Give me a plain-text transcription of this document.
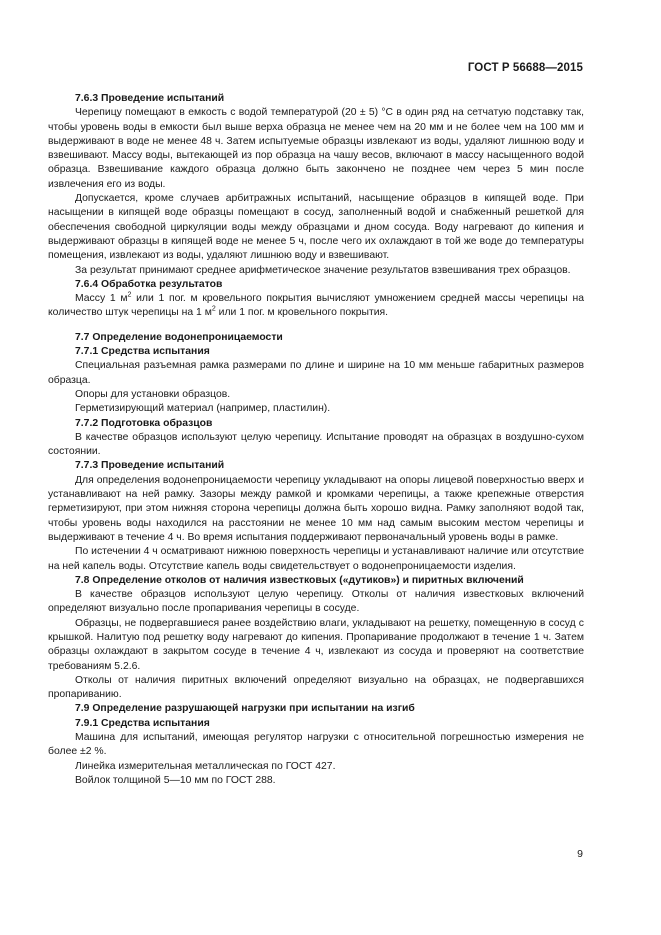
ГОСТ Р 56688—2015

7.6.3 Проведение испытаний

Черепицу помещают в емкость с водой температурой (20 ± 5) °С в один ряд на сетчатую подставку так, чтобы уровень воды в емкости был выше верха образца не менее чем на 20 мм и не более чем на 100 мм и выдерживают в воде не менее 48 ч. Затем испытуемые образцы извлекают из воды, удаляют лишнюю воду и взвешивают. Массу воды, вытекающей из пор образца на чашу весов, включают в массу насыщенного водой образца. Взвешивание каждого образца должно быть закончено не позднее чем через 5 мин после извлечения его из воды.

Допускается, кроме случаев арбитражных испытаний, насыщение образцов в кипящей воде. При насыщении в кипящей воде образцы помещают в сосуд, заполненный водой и снабженный решеткой для обеспечения свободной циркуляции воды между образцами и дном сосуда. Воду нагревают до кипения и выдерживают образцы в кипящей воде не менее 5 ч, после чего их охлаждают в той же воде до температуры помещения, извлекают из воды, удаляют лишнюю воду и взвешивают.

За результат принимают среднее арифметическое значение результатов взвешивания трех образцов.

7.6.4 Обработка результатов

Массу 1 $м^2$ или 1 пог. м кровельного покрытия вычисляют умножением средней массы черепицы на количество штук черепицы на 1 $м^2$ или 1 пог. м кровельного покрытия.

7.7 Определение водонепроницаемости

7.7.1 Средства испытания

Специальная разъемная рамка размерами по длине и ширине на 10 мм меньше габаритных размеров образца.

Опоры для установки образцов.

Герметизирующий материал (например, пластилин).

7.7.2 Подготовка образцов

В качестве образцов используют целую черепицу. Испытание проводят на образцах в воздушно-сухом состоянии.

7.7.3 Проведение испытаний

Для определения водонепроницаемости черепицу укладывают на опоры лицевой поверхностью вверх и устанавливают на ней рамку. Зазоры между рамкой и кромками черепицы, а также крепежные отверстия герметизируют, при этом нижняя сторона черепицы должна быть хорошо видна. Рамку заполняют водой так, чтобы уровень воды находился на расстоянии не менее 10 мм над самым высоким местом черепицы и выдерживают в течение 4 ч. Во время испытания поддерживают первоначальный уровень воды в рамке.

По истечении 4 ч осматривают нижнюю поверхность черепицы и устанавливают наличие или отсутствие на ней капель воды. Отсутствие капель воды свидетельствует о водонепроницаемости изделия.

7.8 Определение отколов от наличия известковых («дутиков») и пиритных включений

В качестве образцов используют целую черепицу. Отколы от наличия известковых включений определяют визуально после пропаривания черепицы в сосуде.

Образцы, не подвергавшиеся ранее воздействию влаги, укладывают на решетку, помещенную в сосуд с крышкой. Налитую под решетку воду нагревают до кипения. Пропаривание продолжают в течение 1 ч. Затем образцы охлаждают в закрытом сосуде в течение 4 ч, извлекают из сосуда и проверяют на соответствие требованиям 5.2.6.

Отколы от наличия пиритных включений определяют визуально на образцах, не подвергавшихся пропариванию.

7.9 Определение разрушающей нагрузки при испытании на изгиб

7.9.1 Средства испытания

Машина для испытаний, имеющая регулятор нагрузки с относительной погрешностью измерения не более ±2 %.

Линейка измерительная металлическая по ГОСТ 427.

Войлок толщиной 5—10 мм по ГОСТ 288.

9
